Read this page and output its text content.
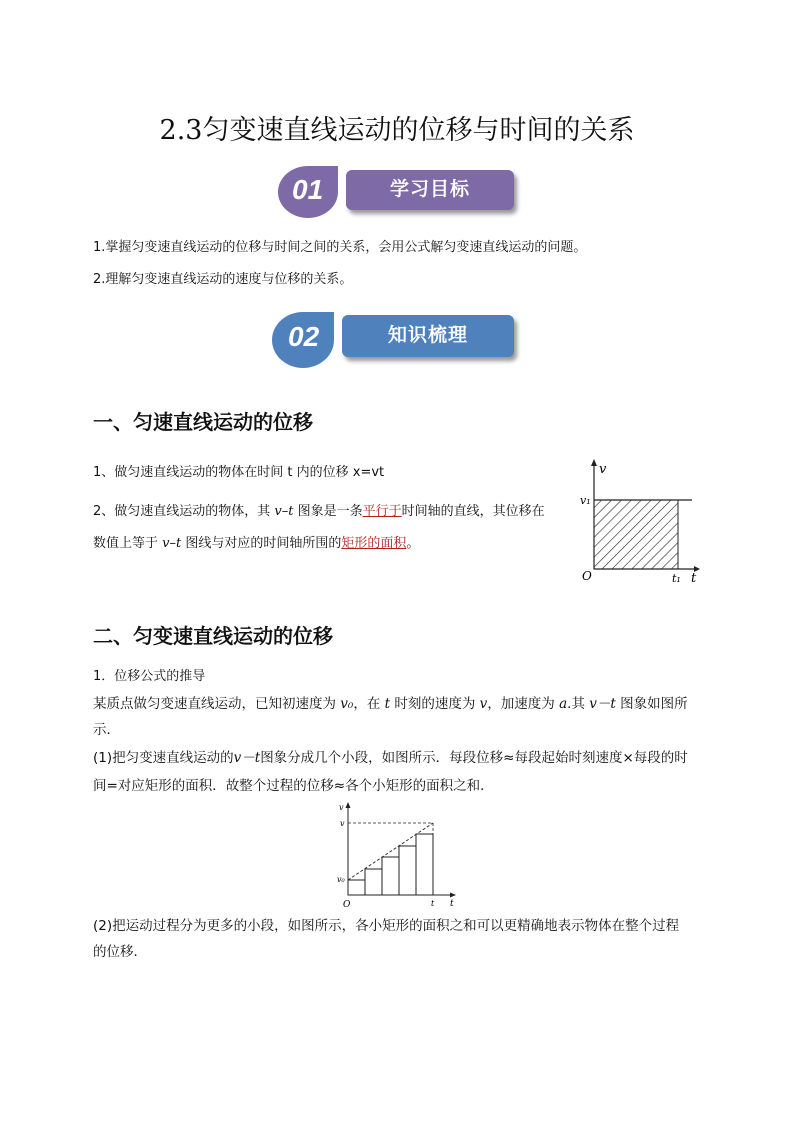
2.3匀变速直线运动的位移与时间的关系
学习目标
01
1.掌握匀变速直线运动的位移与时间之间的关系，会用公式解匀变速直线运动的问题。
2.理解匀变速直线运动的速度与位移的关系。
知识梳理
02
一、匀速直线运动的位移
1、做匀速直线运动的物体在时间 t 内的位移 x=vt
2、做匀速直线运动的物体，其 v–t 图象是一条平行于时间轴的直线，其位移在
数值上等于 v–t 图线与对应的时间轴所围的矩形的面积。
v
v₁
O	t₁ t
二、匀变速直线运动的位移
1．位移公式的推导
某质点做匀变速直线运动，已知初速度为 v₀，在 t 时刻的速度为 v，加速度为 a.其 v－t 图象如图所
示．
(1)把匀变速直线运动的v－t图象分成几个小段，如图所示．每段位移≈每段起始时刻速度×每段的时
间=对应矩形的面积．故整个过程的位移≈各个小矩形的面积之和．
v
v
v₀
O	t t
(2)把运动过程分为更多的小段，如图所示，各小矩形的面积之和可以更精确地表示物体在整个过程
的位移．
